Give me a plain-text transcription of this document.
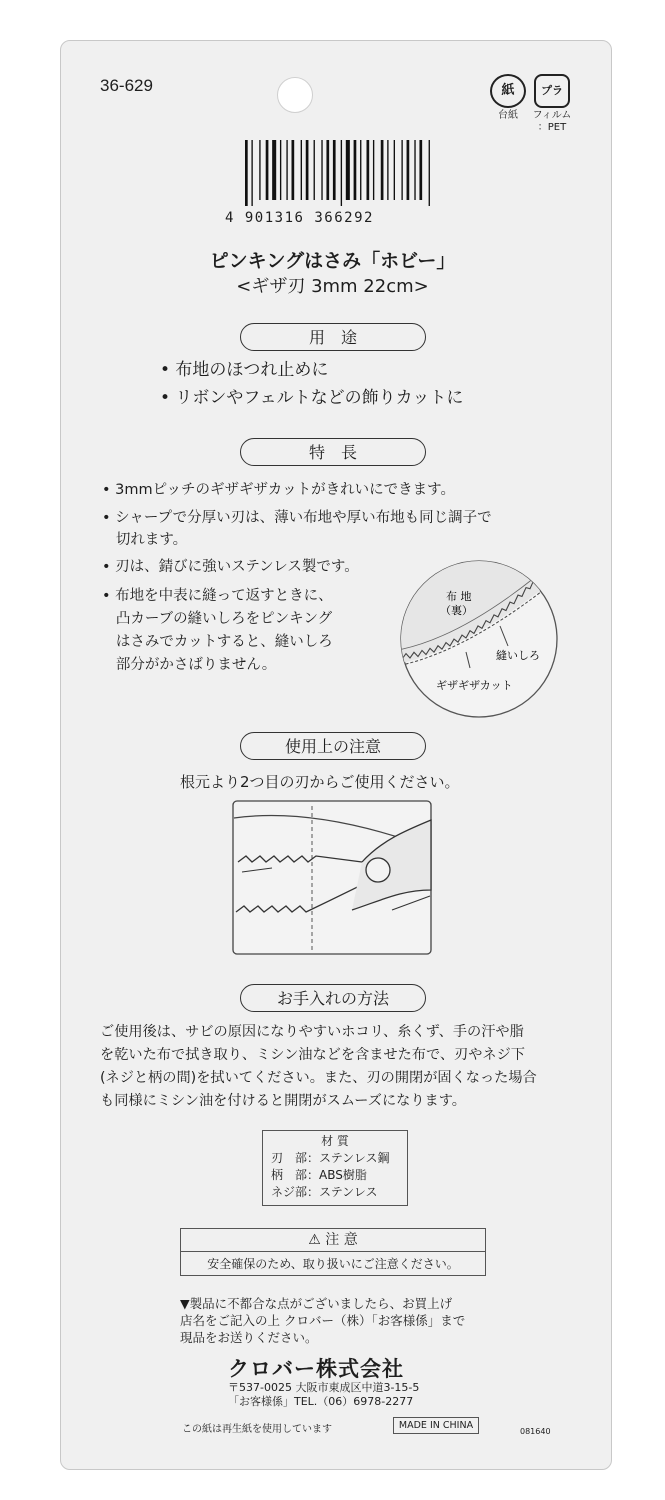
36-629	紙
台紙
プラ
フィルム
：PET
4 901316 366292
ピンキングはさみ「ホビー」
<ギザ刃 3mm 22cm>
用　途
• 布地のほつれ止めに
• リボンやフェルトなどの飾りカットに
特　長
• 3mmピッチのギザギザカットがきれいにできます。
• シャープで分厚い刃は、薄い布地や厚い布地も同じ調子で
切れます。
• 刃は、錆びに強いステンレス製です。
• 布地を中表に縫って返すときに、
凸カーブの縫いしろをピンキング
はさみでカットすると、縫いしろ
部分がかさばりません。
布 地
（裏）
縫いしろ
ギザギザカット
使用上の注意
根元より2つ目の刃からご使用ください。
お手入れの方法
ご使用後は、サビの原因になりやすいホコリ、糸くず、手の汗や脂
を乾いた布で拭き取り、ミシン油などを含ませた布で、刃やネジ下
(ネジと柄の間)を拭いてください。また、刃の開閉が固くなった場合
も同様にミシン油を付けると開閉がスムーズになります。
材 質
刃　部：ステンレス鋼
柄　部：ABS樹脂
ネジ部：ステンレス
⚠ 注 意
安全確保のため、取り扱いにご注意ください。
▼製品に不都合な点がございましたら、お買上げ
店名をご記入の上 クロバー（株）「お客様係」まで
現品をお送りください。
クロバー株式会社
〒537-0025 大阪市東成区中道3-15-5
「お客様係」TEL.（06）6978-2277
この紙は再生紙を使用しています	MADE IN CHINA
081640
